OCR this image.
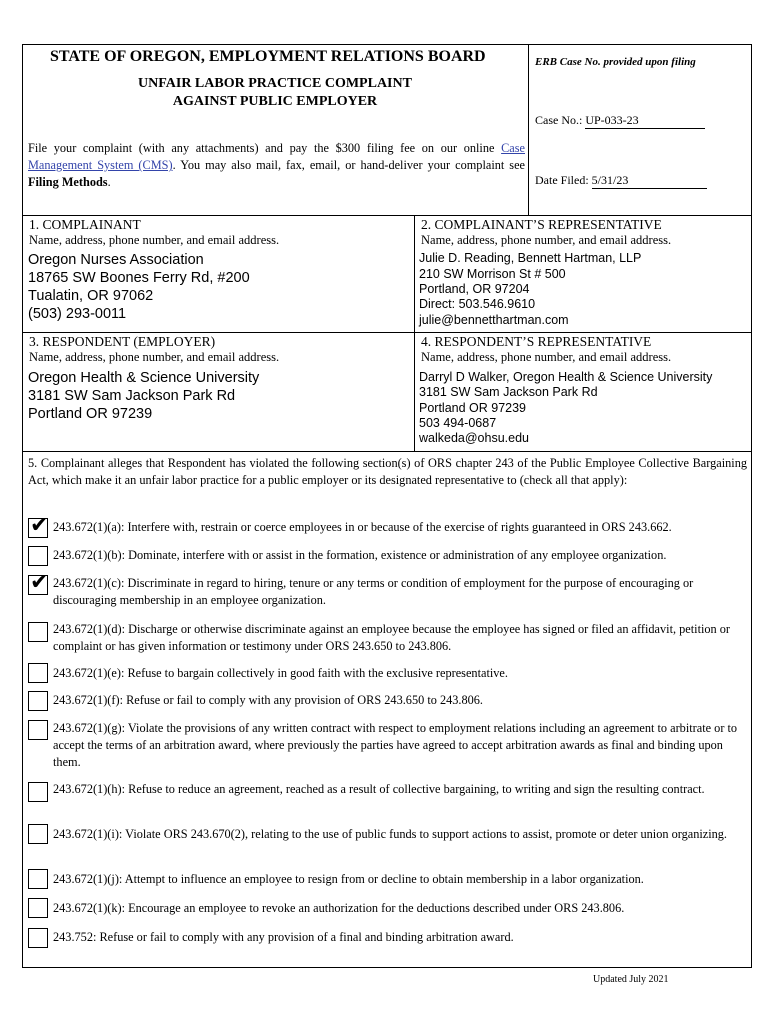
STATE OF OREGON, EMPLOYMENT RELATIONS BOARD
UNFAIR LABOR PRACTICE COMPLAINT
AGAINST PUBLIC EMPLOYER
ERB Case No. provided upon filing
Case No.: UP-033-23
Date Filed: 5/31/23
File your complaint (with any attachments) and pay the $300 filing fee on our online Case Management System (CMS). You may also mail, fax, email, or hand-deliver your complaint see Filing Methods.
1. COMPLAINANT
Name, address, phone number, and email address.
Oregon Nurses Association
18765 SW Boones Ferry Rd, #200
Tualatin, OR 97062
(503) 293-0011
2. COMPLAINANT’S REPRESENTATIVE
Name, address, phone number, and email address.
Julie D. Reading, Bennett Hartman, LLP
210 SW Morrison St # 500
Portland, OR 97204
Direct: 503.546.9610
julie@bennetthartman.com
3. RESPONDENT (EMPLOYER)
Name, address, phone number, and email address.
Oregon Health & Science University
3181 SW Sam Jackson Park Rd
Portland OR 97239
4. RESPONDENT’S REPRESENTATIVE
Name, address, phone number, and email address.
Darryl D Walker, Oregon Health & Science University
3181 SW Sam Jackson Park Rd
Portland OR 97239
503 494-0687
walkeda@ohsu.edu
5. Complainant alleges that Respondent has violated the following section(s) of ORS chapter 243 of the Public Employee Collective Bargaining Act, which make it an unfair labor practice for a public employer or its designated representative to (check all that apply):
✔ 243.672(1)(a): Interfere with, restrain or coerce employees in or because of the exercise of rights guaranteed in ORS 243.662.
243.672(1)(b): Dominate, interfere with or assist in the formation, existence or administration of any employee organization.
✔ 243.672(1)(c): Discriminate in regard to hiring, tenure or any terms or condition of employment for the purpose of encouraging or discouraging membership in an employee organization.
243.672(1)(d): Discharge or otherwise discriminate against an employee because the employee has signed or filed an affidavit, petition or complaint or has given information or testimony under ORS 243.650 to 243.806.
243.672(1)(e): Refuse to bargain collectively in good faith with the exclusive representative.
243.672(1)(f): Refuse or fail to comply with any provision of ORS 243.650 to 243.806.
243.672(1)(g): Violate the provisions of any written contract with respect to employment relations including an agreement to arbitrate or to accept the terms of an arbitration award, where previously the parties have agreed to accept arbitration awards as final and binding upon them.
243.672(1)(h): Refuse to reduce an agreement, reached as a result of collective bargaining, to writing and sign the resulting contract.
243.672(1)(i): Violate ORS 243.670(2), relating to the use of public funds to support actions to assist, promote or deter union organizing.
243.672(1)(j): Attempt to influence an employee to resign from or decline to obtain membership in a labor organization.
243.672(1)(k): Encourage an employee to revoke an authorization for the deductions described under ORS 243.806.
243.752: Refuse or fail to comply with any provision of a final and binding arbitration award.
Updated July 2021
